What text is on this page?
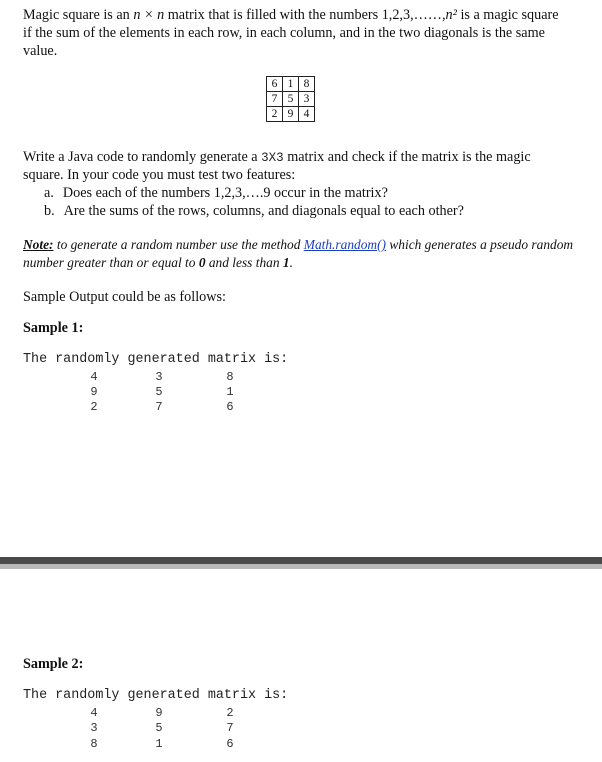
Magic square is an n × n matrix that is filled with the numbers 1,2,3,……,n² is a magic square
if the sum of the elements in each row, in each column, and in the two diagonals is the same
value.
6	1	8
7	5	3
2	9	4
Write a Java code to randomly generate a 3X3 matrix and check if the matrix is the magic
square. In your code you must test two features:
a. Does each of the numbers 1,2,3,….9 occur in the matrix?
b. Are the sums of the rows, columns, and diagonals equal to each other?
Note: to generate a random number use the method Math.random() which generates a pseudo random
number greater than or equal to 0 and less than 1.
Sample Output could be as follows:
Sample 1:
The randomly generated matrix is:
4	3	8
9	5	1
2	7	6
Sample 2:
The randomly generated matrix is:
4	9	2
3	5	7
8	1	6
